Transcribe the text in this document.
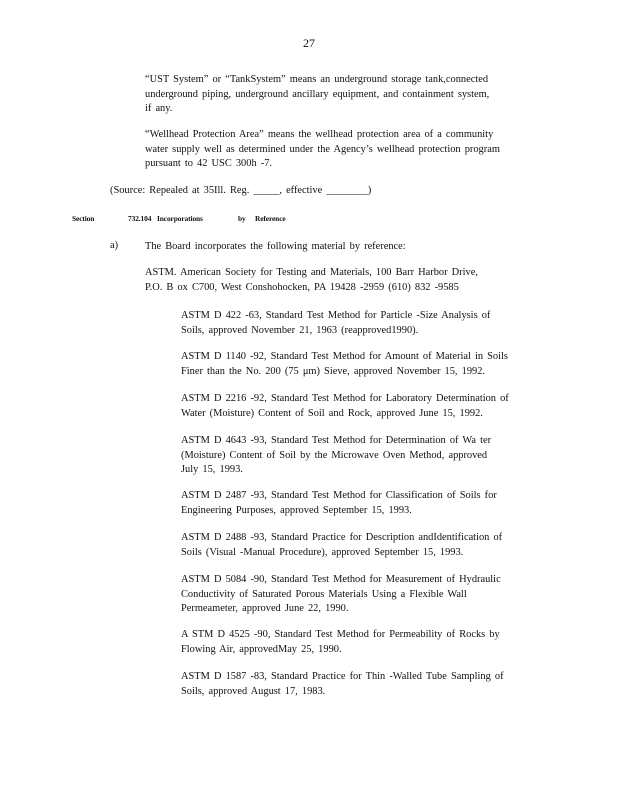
27
“UST System” or “TankSystem” means an underground storage tank,connected
underground piping, underground ancillary equipment, and containment system,
if any.
“Wellhead Protection Area” means the wellhead protection area of a community
water supply well as determined under the Agency’s wellhead protection program
pursuant to 42 USC 300h -7.
(Source: Repealed at 35Ill. Reg. _____, effective ________)
Section	732.104 Incorporations	by Reference
a)	The Board incorporates the following material by reference:
ASTM. American Society for Testing and Materials, 100 Barr Harbor Drive,
P.O. B ox C700, West Conshohocken, PA 19428 -2959 (610) 832 -9585
ASTM D 422 -63, Standard Test Method for Particle -Size Analysis of
Soils, approved November 21, 1963 (reapproved1990).
ASTM D 1140 -92, Standard Test Method for Amount of Material in Soils
Finer than the No. 200 (75 μm) Sieve, approved November 15, 1992.
ASTM D 2216 -92, Standard Test Method for Laboratory Determination of
Water (Moisture) Content of Soil and Rock, approved June 15, 1992.
ASTM D 4643 -93, Standard Test Method for Determination of Wa ter
(Moisture) Content of Soil by the Microwave Oven Method, approved
July 15, 1993.
ASTM D 2487 -93, Standard Test Method for Classification of Soils for
Engineering Purposes, approved September 15, 1993.
ASTM D 2488 -93, Standard Practice for Description andIdentification of
Soils (Visual -Manual Procedure), approved September 15, 1993.
ASTM D 5084 -90, Standard Test Method for Measurement of Hydraulic
Conductivity of Saturated Porous Materials Using a Flexible Wall
Permeameter, approved June 22, 1990.
A STM D 4525 -90, Standard Test Method for Permeability of Rocks by
Flowing Air, approvedMay 25, 1990.
ASTM D 1587 -83, Standard Practice for Thin -Walled Tube Sampling of
Soils, approved August 17, 1983.
